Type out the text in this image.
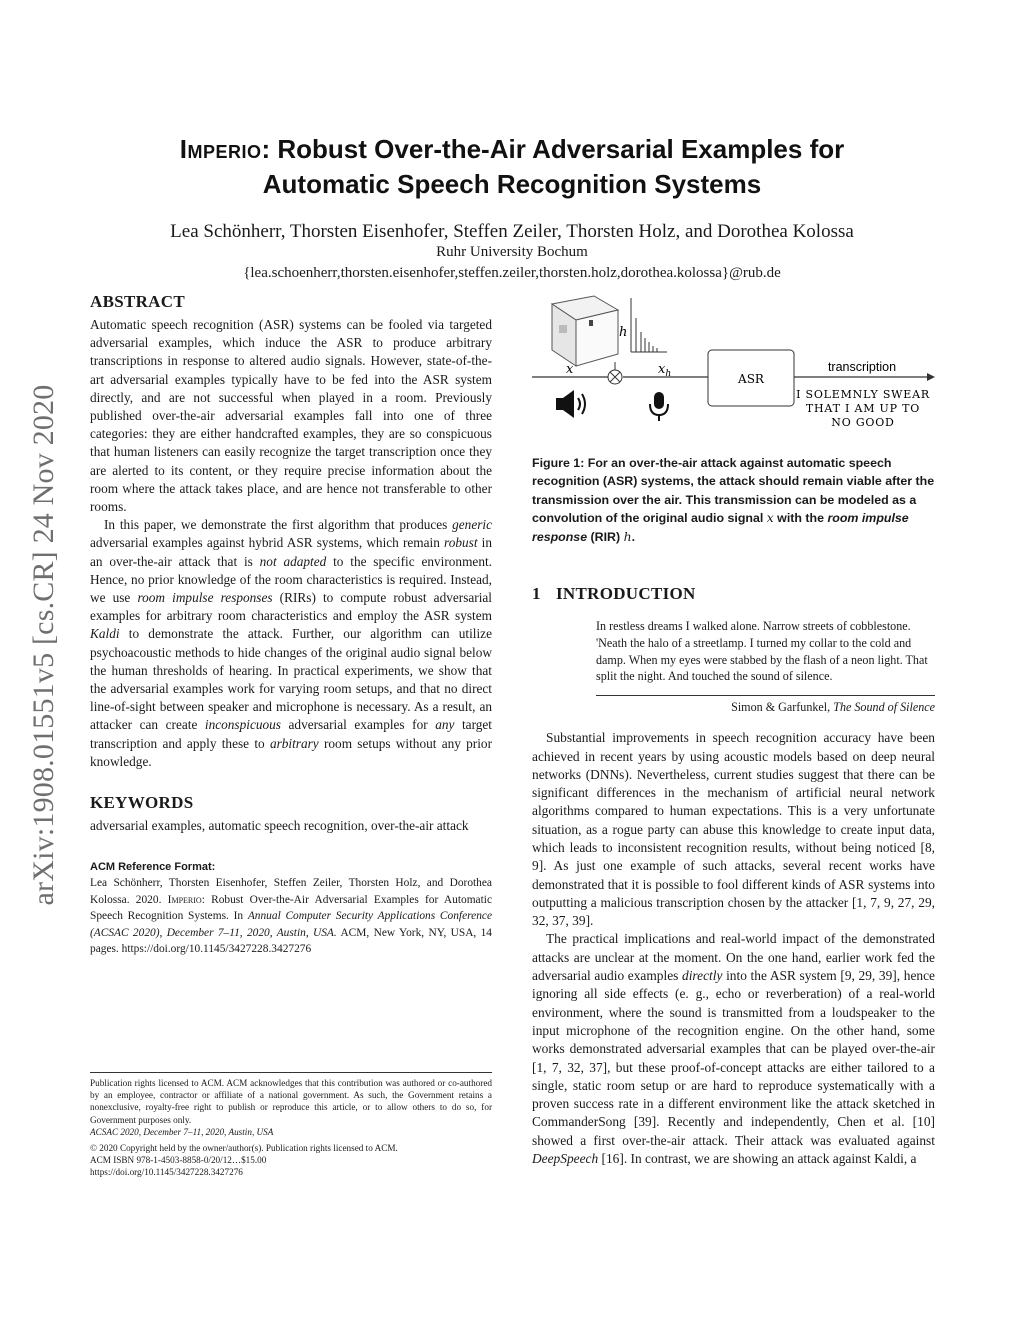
arXiv:1908.01551v5 [cs.CR] 24 Nov 2020
Imperio: Robust Over-the-Air Adversarial Examples for
Automatic Speech Recognition Systems
Lea Schönherr, Thorsten Eisenhofer, Steffen Zeiler, Thorsten Holz, and Dorothea Kolossa
Ruhr University Bochum
{lea.schoenherr,thorsten.eisenhofer,steffen.zeiler,thorsten.holz,dorothea.kolossa}@rub.de
ABSTRACT

Automatic speech recognition (ASR) systems can be fooled via targeted adversarial examples, which induce the ASR to produce arbitrary transcriptions in response to altered audio signals. However, state-of-the-art adversarial examples typically have to be fed into the ASR system directly, and are not successful when played in a room. Previously published over-the-air adversarial examples fall into one of three categories: they are either handcrafted examples, they are so conspicuous that human listeners can easily recognize the target transcription once they are alerted to its content, or they require precise information about the room where the attack takes place, and are hence not transferable to other rooms.

In this paper, we demonstrate the first algorithm that produces generic adversarial examples against hybrid ASR systems, which remain robust in an over-the-air attack that is not adapted to the specific environment. Hence, no prior knowledge of the room characteristics is required. Instead, we use room impulse responses (RIRs) to compute robust adversarial examples for arbitrary room characteristics and employ the ASR system Kaldi to demonstrate the attack. Further, our algorithm can utilize psychoacoustic methods to hide changes of the original audio signal below the human thresholds of hearing. In practical experiments, we show that the adversarial examples work for varying room setups, and that no direct line-of-sight between speaker and microphone is necessary. As a result, an attacker can create inconspicuous adversarial examples for any target transcription and apply these to arbitrary room setups without any prior knowledge.

KEYWORDS

adversarial examples, automatic speech recognition, over-the-air attack

ACM Reference Format:
Lea Schönherr, Thorsten Eisenhofer, Steffen Zeiler, Thorsten Holz, and Dorothea Kolossa. 2020. Imperio: Robust Over-the-Air Adversarial Examples for Automatic Speech Recognition Systems. In Annual Computer Security Applications Conference (ACSAC 2020), December 7–11, 2020, Austin, USA. ACM, New York, NY, USA, 14 pages. https://doi.org/10.1145/3427228.3427276

Publication rights licensed to ACM. ACM acknowledges that this contribution was authored or co-authored by an employee, contractor or affiliate of a national government. As such, the Government retains a nonexclusive, royalty-free right to publish or reproduce this article, or to allow others to do so, for Government purposes only.

ACSAC 2020, December 7–11, 2020, Austin, USA

© 2020 Copyright held by the owner/author(s). Publication rights licensed to ACM.

ACM ISBN 978-1-4503-8858-0/20/12…$15.00

https://doi.org/10.1145/3427228.3427276

h
x	$x_h$	ASR
transcription
I SOLEMNLY SWEAR
THAT I AM UP TO
NO GOOD
Figure 1: For an over-the-air attack against automatic speech recognition (ASR) systems, the attack should remain viable after the transmission over the air. This transmission can be modeled as a convolution of the original audio signal x with the room impulse response (RIR) h.
1 INTRODUCTION
In restless dreams I walked alone. Narrow streets of cobblestone. 'Neath the halo of a streetlamp. I turned my collar to the cold and damp. When my eyes were stabbed by the flash of a neon light. That split the night. And touched the sound of silence.
Simon & Garfunkel, The Sound of Silence

Substantial improvements in speech recognition accuracy have been achieved in recent years by using acoustic models based on deep neural networks (DNNs). Nevertheless, current studies suggest that there can be significant differences in the mechanism of artificial neural network algorithms compared to human expectations. This is a very unfortunate situation, as a rogue party can abuse this knowledge to create input data, which leads to inconsistent recognition results, without being noticed [8, 9]. As just one example of such attacks, several recent works have demonstrated that it is possible to fool different kinds of ASR systems into outputting a malicious transcription chosen by the attacker [1, 7, 9, 27, 29, 32, 37, 39].

The practical implications and real-world impact of the demonstrated attacks are unclear at the moment. On the one hand, earlier work fed the adversarial audio examples directly into the ASR system [9, 29, 39], hence ignoring all side effects (e. g., echo or reverberation) of a real-world environment, where the sound is transmitted from a loudspeaker to the input microphone of the recognition engine. On the other hand, some works demonstrated adversarial examples that can be played over-the-air [1, 7, 32, 37], but these proof-of-concept attacks are either tailored to a single, static room setup or are hard to reproduce systematically with a proven success rate in a different environment like the attack sketched in CommanderSong [39]. Recently and independently, Chen et al. [10] showed a first over-the-air attack. Their attack was evaluated against DeepSpeech [16]. In contrast, we are showing an attack against Kaldi, a
